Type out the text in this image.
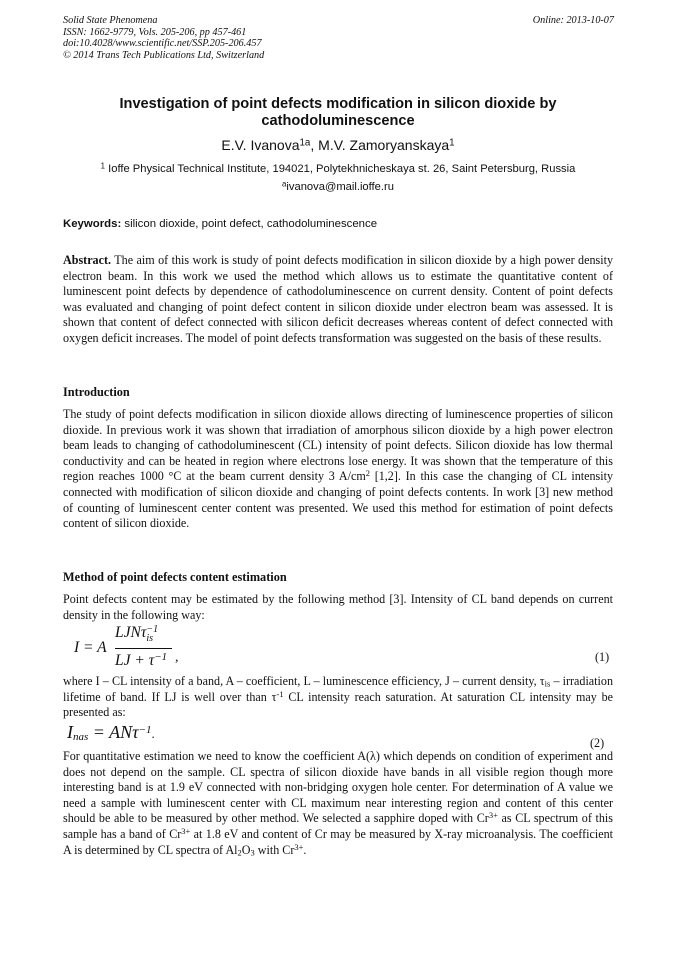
Solid State Phenomena
ISSN: 1662-9779, Vols. 205-206, pp 457-461
doi:10.4028/www.scientific.net/SSP.205-206.457
© 2014 Trans Tech Publications Ltd, Switzerland
Online: 2013-10-07
Investigation of point defects modification in silicon dioxide by cathodoluminescence
E.V. Ivanova$^{1a}$, M.V. Zamoryanskaya$^1$
$^1$ Ioffe Physical Technical Institute, 194021, Polytekhnicheskaya st. 26, Saint Petersburg, Russia
$^a$ivanova@mail.ioffe.ru
Keywords: silicon dioxide, point defect, cathodoluminescence
Abstract. The aim of this work is study of point defects modification in silicon dioxide by a high power density electron beam. In this work we used the method which allows us to estimate the quantitative content of luminescent point defects by dependence of cathodoluminescence on current density. Content of point defects was evaluated and changing of point defect content in silicon dioxide under electron beam was assessed. It is shown that content of defect connected with silicon deficit decreases whereas content of defect connected with oxygen deficit increases. The model of point defects transformation was suggested on the basis of these results.
Introduction
The study of point defects modification in silicon dioxide allows directing of luminescence properties of silicon dioxide. In previous work it was shown that irradiation of amorphous silicon dioxide by a high power electron beam leads to changing of cathodoluminescent (CL) intensity of point defects. Silicon dioxide has low thermal conductivity and can be heated in region where electrons lose energy. It was shown that the temperature of this region reaches 1000 °C at the beam current density 3 $A/cm^2$ [1,2]. In this case the changing of CL intensity connected with modification of silicon dioxide and changing of point defects contents. In work [3] new method of counting of luminescent center content was presented. We used this method for estimation of point defects content of silicon dioxide.
Method of point defects content estimation
Point defects content may be estimated by the following method [3]. Intensity of CL band depends on current density in the following way:
I = A
LJNτ −1
is
LJ + $\tau^{-1}$ ,	(1)
where I – CL intensity of a band, A – coefficient, L – luminescence efficiency, J – current density, $\tau_{is}$ – irradiation lifetime of band. If LJ is well over than $\tau^{-1}$ CL intensity reach saturation. At saturation CL intensity may be presented as:
$I_{nas} = AN\tau^{-1}$.
(2)
For quantitative estimation we need to know the coefficient A(λ) which depends on condition of experiment and does not depend on the sample. CL spectra of silicon dioxide have bands in all visible region though more interesting band is at 1.9 eV connected with non-bridging oxygen hole center. For determination of A value we need a sample with luminescent center with CL maximum near interesting region and content of this center should be able to be measured by other method. We selected a sapphire doped with $Cr^{3+}$ as CL spectrum of this sample has a band of $Cr^{3+}$ at 1.8 eV and content of Cr may be measured by X-ray microanalysis. The coefficient A is determined by CL spectra of $Al_2O_3$ with $Cr^{3+}$.
